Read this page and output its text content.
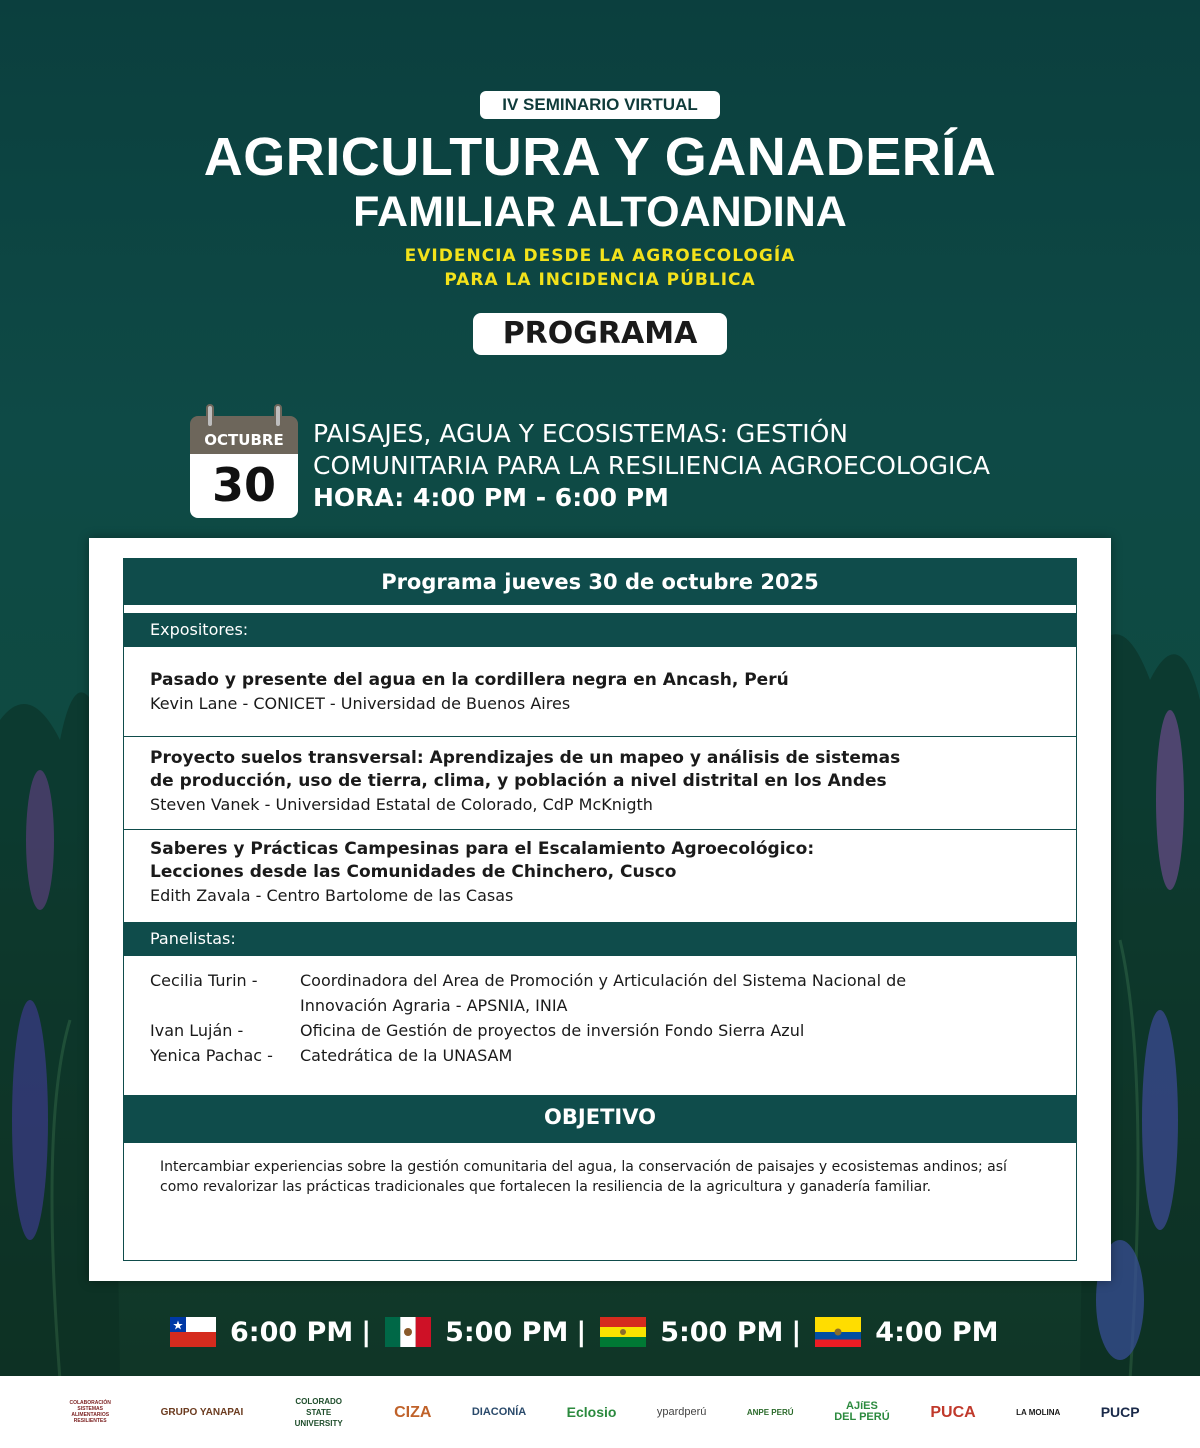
IV SEMINARIO VIRTUAL
AGRICULTURA Y GANADERÍA
FAMILIAR ALTOANDINA
EVIDENCIA DESDE LA AGROECOLOGÍA
PARA LA INCIDENCIA PÚBLICA
PROGRAMA
OCTUBRE
30
PAISAJES, AGUA Y ECOSISTEMAS: GESTIÓN
COMUNITARIA PARA LA RESILIENCIA AGROECOLOGICA
HORA: 4:00 PM - 6:00 PM
Programa jueves 30 de octubre 2025
Expositores:
Pasado y presente del agua en la cordillera negra en Ancash, Perú
Kevin Lane - CONICET - Universidad de Buenos Aires
Proyecto suelos transversal: Aprendizajes de un mapeo y análisis de sistemas
de producción, uso de tierra, clima, y población a nivel distrital en los Andes
Steven Vanek - Universidad Estatal de Colorado, CdP McKnigth
Saberes y Prácticas Campesinas para el Escalamiento Agroecológico:
Lecciones desde las Comunidades de Chinchero, Cusco
Edith Zavala - Centro Bartolome de las Casas
Panelistas:
Cecilia Turin -	Coordinadora del Area de Promoción y Articulación del Sistema Nacional de
Innovación Agraria - APSNIA, INIA
Ivan Luján -	Oficina de Gestión de proyectos de inversión Fondo Sierra Azul
Yenica Pachac -	Catedrática de la UNASAM
OBJETIVO
Intercambiar experiencias sobre la gestión comunitaria del agua, la conservación de paisajes y ecosistemas andinos; así como revalorizar las prácticas tradicionales que fortalecen la resiliencia de la agricultura y ganadería familiar.
6:00 PM |	5:00 PM |	5:00 PM |	4:00 PM
COLABORACIÓN SISTEMAS ALIMENTARIOS RESILIENTES
GRUPO YANAPAI
COLORADO STATE UNIVERSITY
CIZA	DIACONÍA	Eclosio	ypardperú	ANPE PERÚ	AJíES DEL PERÚ	PUCA	LA MOLINA	PUCP
